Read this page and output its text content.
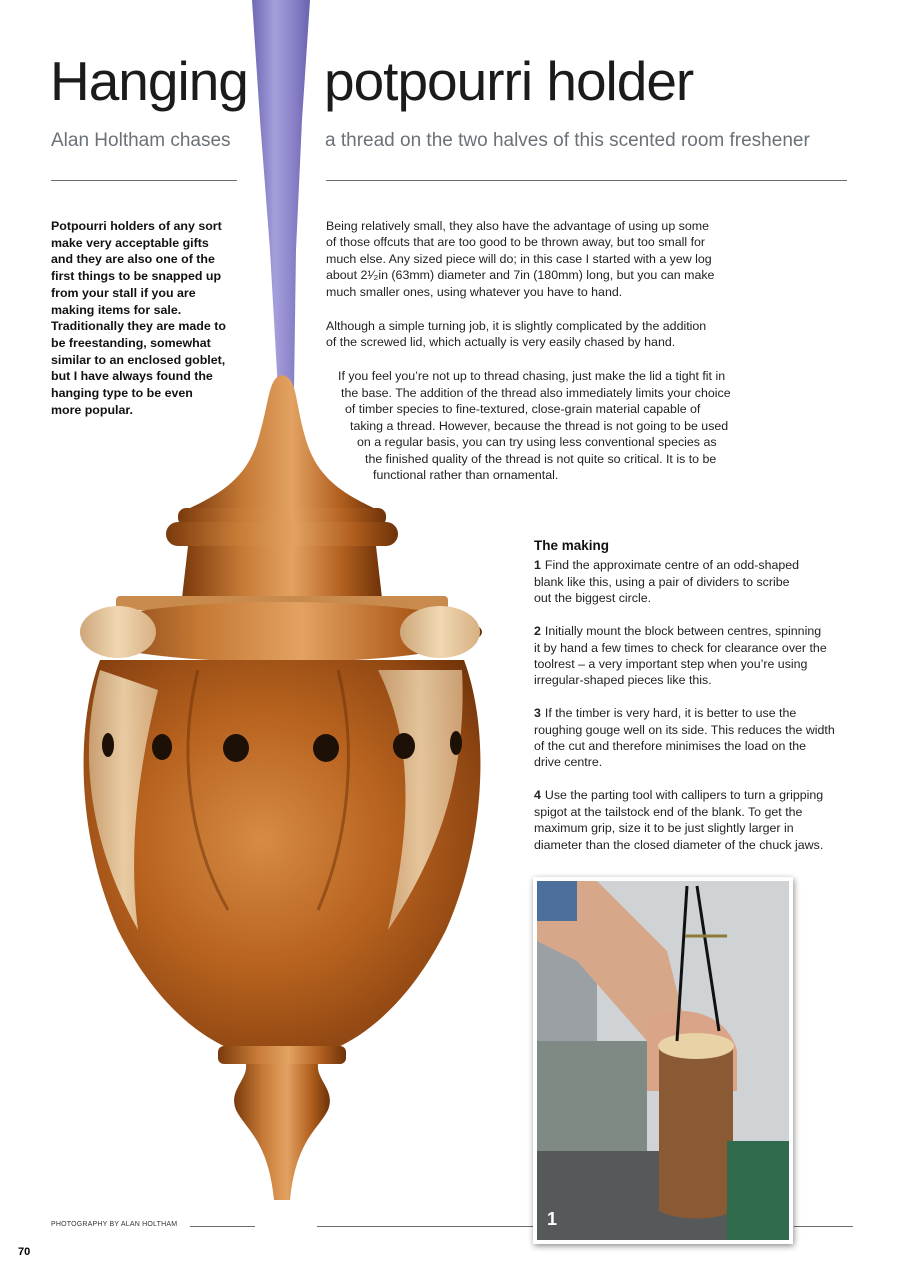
Hanging potpourri holder
Alan Holtham chases	a thread on the two halves of this scented room freshener
Potpourri holders of any sort make very acceptable gifts and they are also one of the first things to be snapped up from your stall if you are making items for sale. Traditionally they are made to be freestanding, somewhat similar to an enclosed goblet, but I have always found the hanging type to be even more popular.
Being relatively small, they also have the advantage of using up some
of those offcuts that are too good to be thrown away, but too small for
much else. Any sized piece will do; in this case I started with a yew log
about 2¹⁄₂in (63mm) diameter and 7in (180mm) long, but you can make
much smaller ones, using whatever you have to hand.
Although a simple turning job, it is slightly complicated by the addition
of the screwed lid, which actually is very easily chased by hand.
If you feel you’re not up to thread chasing, just make the lid a tight fit in
the base. The addition of the thread also immediately limits your choice
of timber species to fine-textured, close-grain material capable of
taking a thread. However, because the thread is not going to be used
on a regular basis, you can try using less conventional species as
the finished quality of the thread is not quite so critical. It is to be
functional rather than ornamental.
The making

1 Find the approximate centre of an odd-shaped
blank like this, using a pair of dividers to scribe
out the biggest circle.

2 Initially mount the block between centres, spinning
it by hand a few times to check for clearance over the
toolrest – a very important step when you’re using
irregular-shaped pieces like this.

3 If the timber is very hard, it is better to use the
roughing gouge well on its side. This reduces the width
of the cut and therefore minimises the load on the
drive centre.

4 Use the parting tool with callipers to turn a gripping
spigot at the tailstock end of the blank. To get the
maximum grip, size it to be just slightly larger in
diameter than the closed diameter of the chuck jaws.

1
PHOTOGRAPHY BY ALAN HOLTHAM
70
